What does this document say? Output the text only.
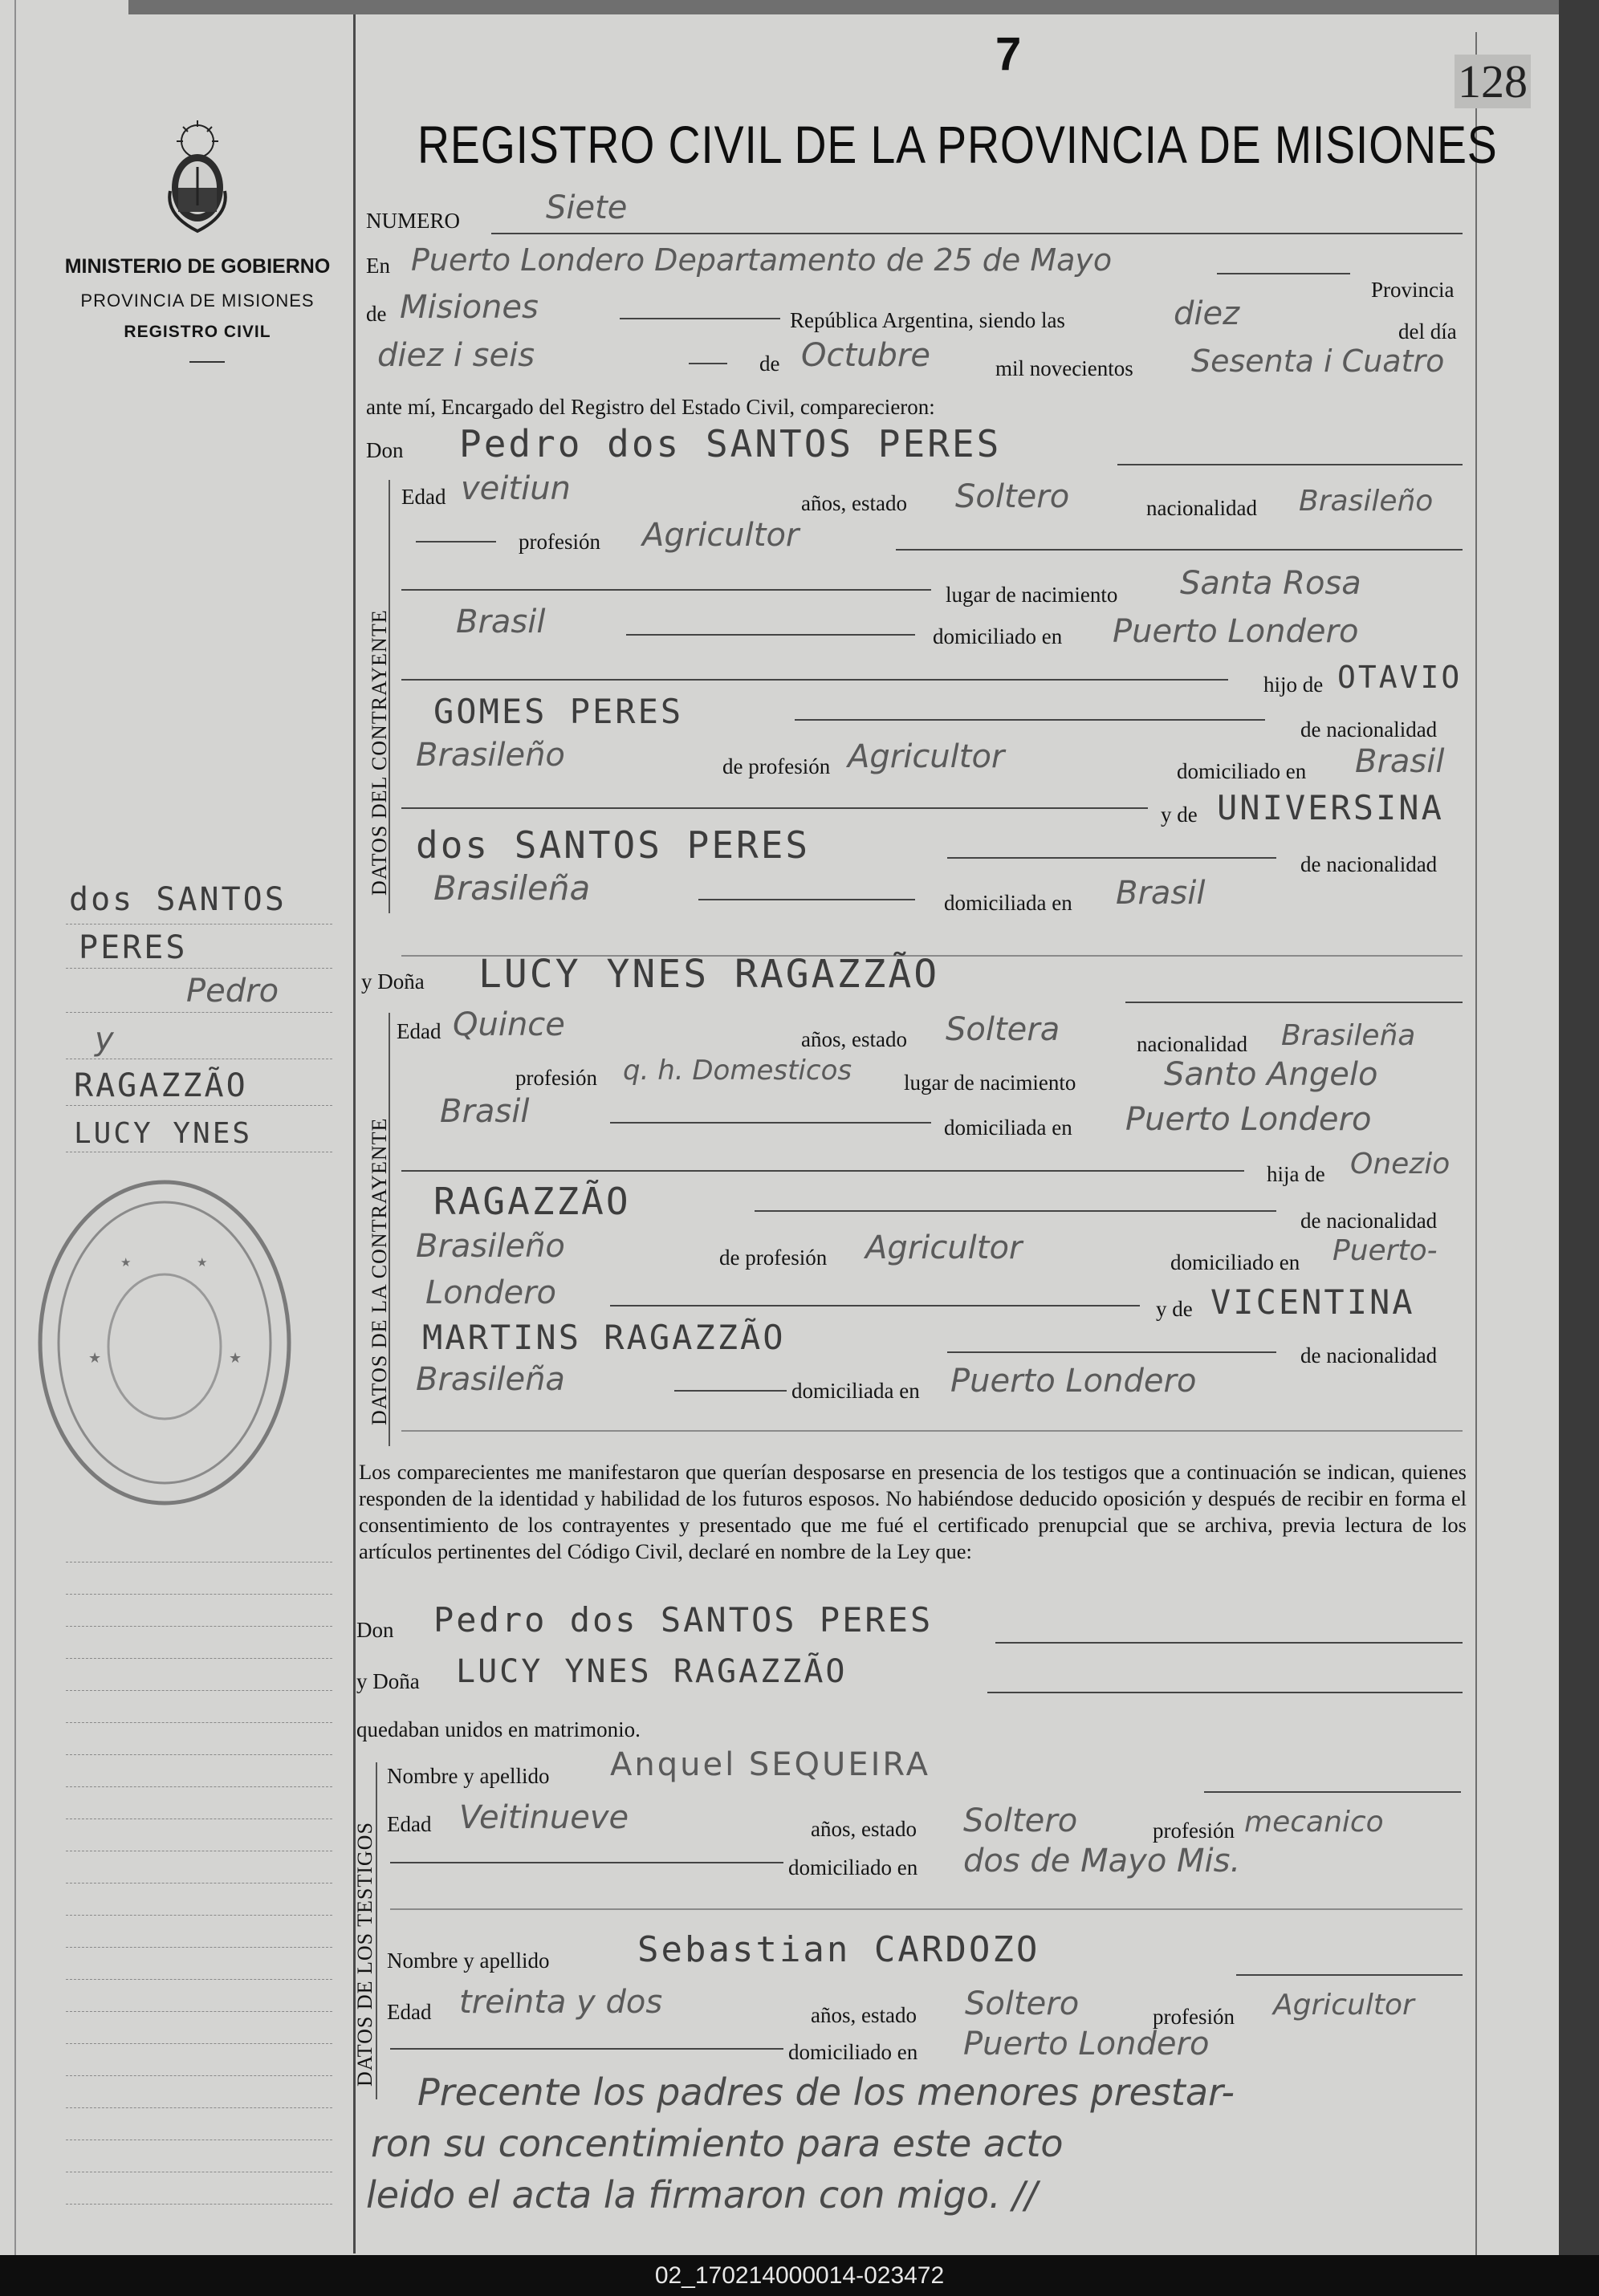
7
128
REGISTRO CIVIL DE LA PROVINCIA DE MISIONES
MINISTERIO DE GOBIERNO
PROVINCIA DE MISIONES
REGISTRO CIVIL
dos SANTOS
PERES
Pedro
y
RAGAZZÃO
LUCY YNES
★	★
★	★
NUMERO	Siete
En Puerto Londero Departamento de 25 de Mayo
Provincia
de Misiones	República Argentina, siendo las	diez	del día
diez i seis	de Octubre	mil novecientos Sesenta i Cuatro
ante mí, Encargado del Registro del Estado Civil, comparecieron:
Don Pedro dos SANTOS PERES
DATOS DEL CONTRAYENTE
Edad veitiun	años, estado Soltero	nacionalidad Brasileño
profesión Agricultor
lugar de nacimiento Santa Rosa
Brasil	domiciliado en Puerto Londero
hijo de OTAVIO
GOMES PERES	de nacionalidad
Brasileño	de profesión Agricultor	domiciliado en Brasil
y de UNIVERSINA
dos SANTOS PERES	de nacionalidad
Brasileña	domiciliada en Brasil
y Doña LUCY YNES RAGAZZÃO
DATOS DE LA CONTRAYENTE
Edad Quince	años, estado Soltera	nacionalidad Brasileña
profesión q. h. Domesticos lugar de nacimiento	Santo Angelo
Brasil	domiciliada en Puerto Londero
hija de Onezio
RAGAZZÃO	de nacionalidad
Brasileño	de profesión Agricultor	domiciliado en Puerto-
Londero	y de VICENTINA
MARTINS RAGAZZÃO	de nacionalidad
Brasileña	domiciliada en Puerto Londero
Los comparecientes me manifestaron que querían desposarse en presencia de los testigos que a continuación se indican, quienes responden de la identidad y habilidad de los futuros esposos. No habiéndose deducido oposición y después de recibir en forma el consentimiento de los contrayentes y presentado que me fué el certificado prenupcial que se archiva, previa lectura de los artículos pertinentes del Código Civil, declaré en nombre de la Ley que:
Don Pedro dos SANTOS PERES
y Doña LUCY YNES RAGAZZÃO
quedaban unidos en matrimonio.
DATOS DE LOS TESTIGOS
Nombre y apellido Anquel SEQUEIRA
Edad Veitinueve	años, estado Soltero	profesión mecanico
domiciliado en dos de Mayo Mis.
Nombre y apellido Sebastian CARDOZO
Edad treinta y dos	años, estado Soltero	profesión Agricultor
domiciliado en Puerto Londero
Precente los padres de los menores prestar-
ron su concentimiento para este acto
leido el acta la firmaron con migo. //
02_170214000014-023472
